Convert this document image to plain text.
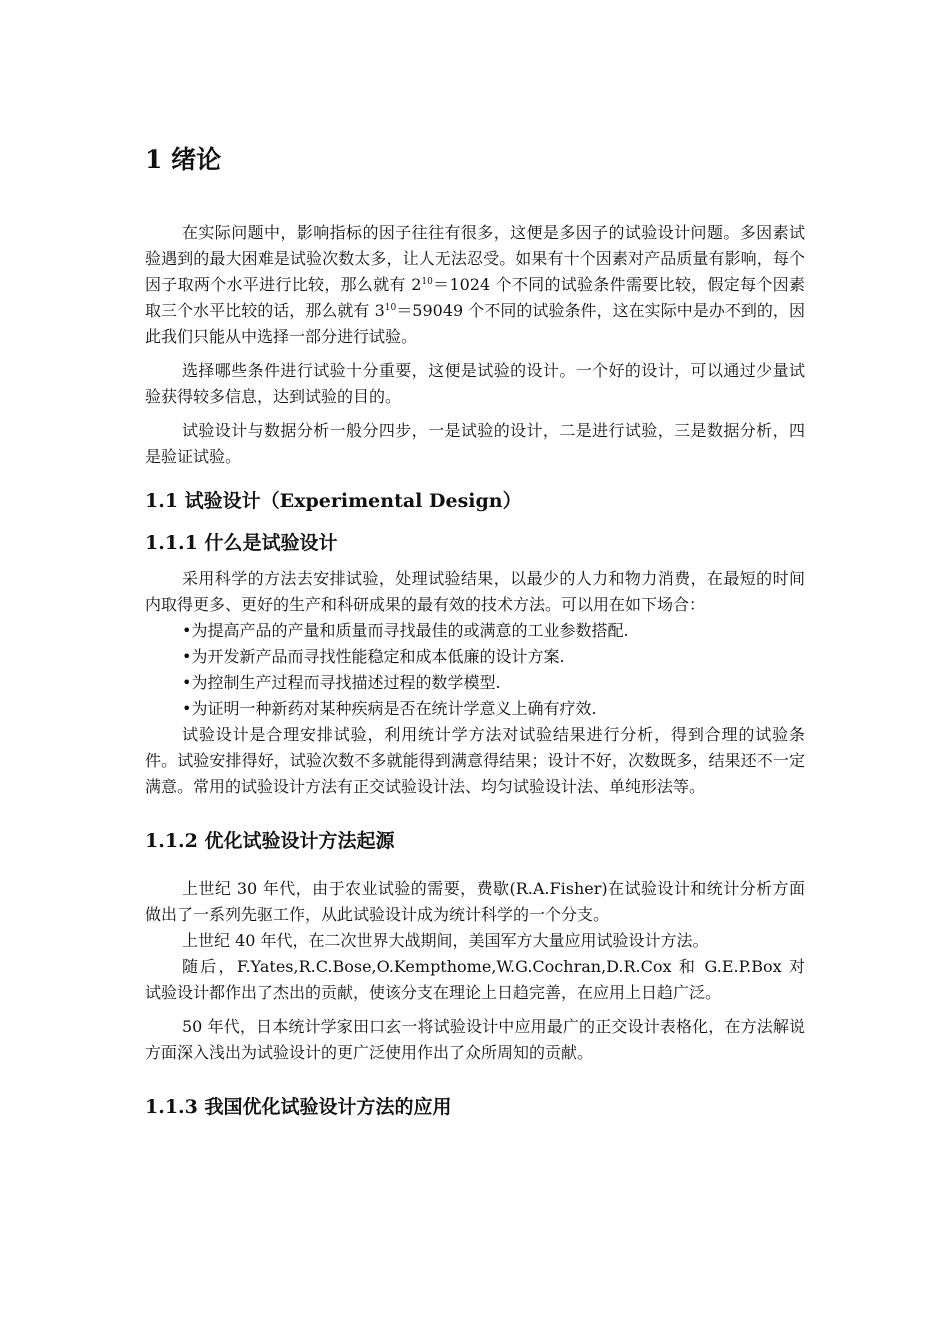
1 绪论

在实际问题中，影响指标的因子往往有很多，这便是多因子的试验设计问题。多因素试验遇到的最大困难是试验次数太多，让人无法忍受。如果有十个因素对产品质量有影响，每个因子取两个水平进行比较，那么就有 $2^{10}=1024$ 个不同的试验条件需要比较，假定每个因素取三个水平比较的话，那么就有 $3^{10}=59049$ 个不同的试验条件，这在实际中是办不到的，因此我们只能从中选择一部分进行试验。

选择哪些条件进行试验十分重要，这便是试验的设计。一个好的设计，可以通过少量试验获得较多信息，达到试验的目的。

试验设计与数据分析一般分四步，一是试验的设计，二是进行试验，三是数据分析，四是验证试验。

1.1 试验设计（Experimental Design）
1.1.1 什么是试验设计

采用科学的方法去安排试验，处理试验结果，以最少的人力和物力消费，在最短的时间内取得更多、更好的生产和科研成果的最有效的技术方法。可以用在如下场合：

•为提高产品的产量和质量而寻找最佳的或满意的工业参数搭配.
•为开发新产品而寻找性能稳定和成本低廉的设计方案.
•为控制生产过程而寻找描述过程的数学模型.
•为证明一种新药对某种疾病是否在统计学意义上确有疗效.

试验设计是合理安排试验，利用统计学方法对试验结果进行分析，得到合理的试验条件。试验安排得好，试验次数不多就能得到满意得结果；设计不好，次数既多，结果还不一定满意。常用的试验设计方法有正交试验设计法、均匀试验设计法、单纯形法等。

1.1.2 优化试验设计方法起源

上世纪 30 年代，由于农业试验的需要，费歇(R.A.Fisher)在试验设计和统计分析方面做出了一系列先驱工作，从此试验设计成为统计科学的一个分支。

上世纪 40 年代，在二次世界大战期间，美国军方大量应用试验设计方法。

随后，F.Yates,R.C.Bose,O.Kempthome,W.G.Cochran,D.R.Cox 和 G.E.P.Box 对试验设计都作出了杰出的贡献，使该分支在理论上日趋完善，在应用上日趋广泛。

50 年代，日本统计学家田口玄一将试验设计中应用最广的正交设计表格化，在方法解说方面深入浅出为试验设计的更广泛使用作出了众所周知的贡献。

1.1.3 我国优化试验设计方法的应用
